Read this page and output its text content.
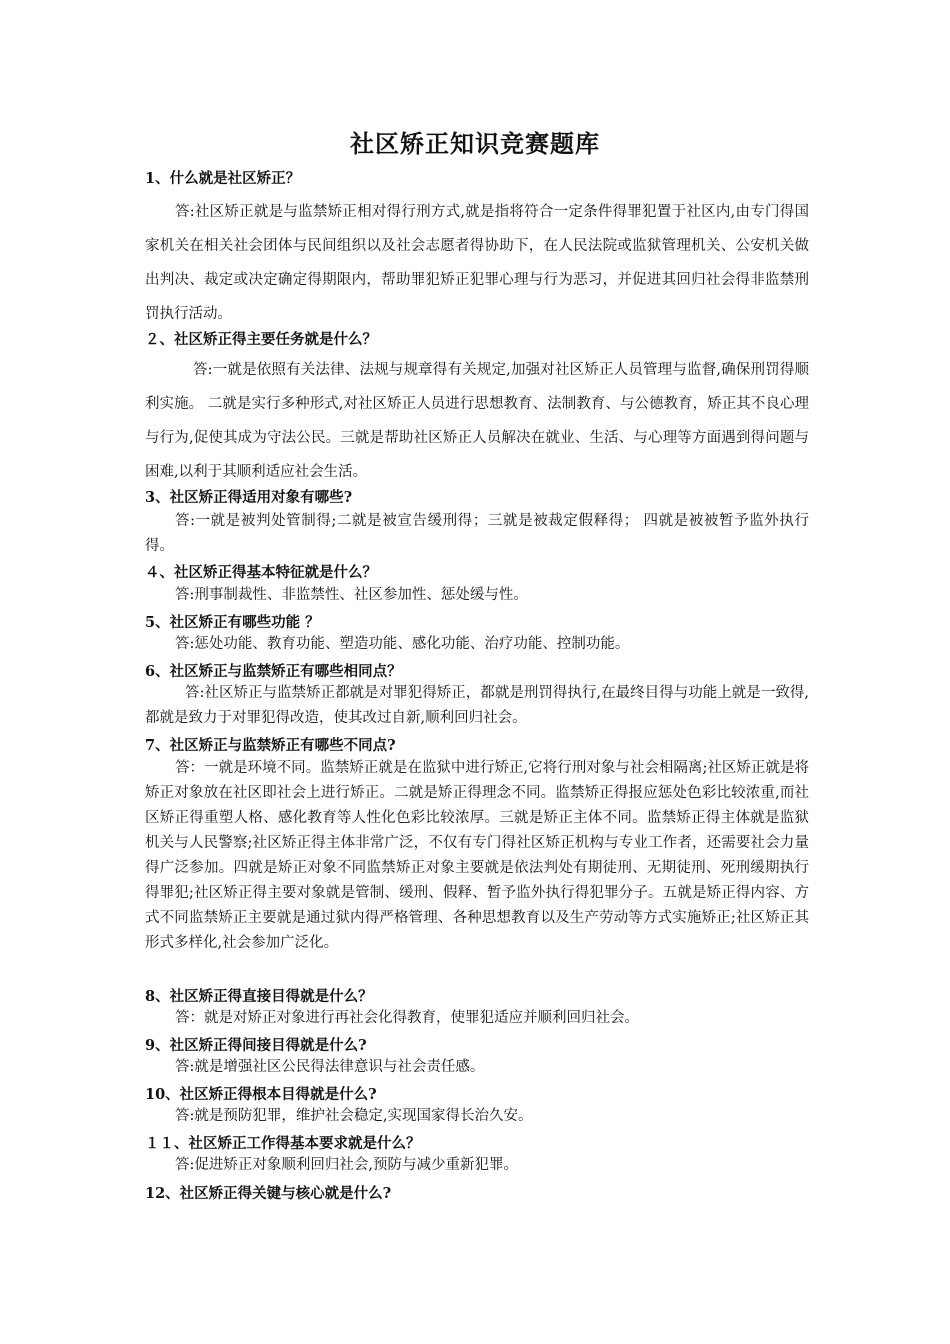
社区矫正知识竞赛题库
1、什么就是社区矫正？
答:社区矫正就是与监禁矫正相对得行刑方式,就是指将符合一定条件得罪犯置于社区内,由专门得国家机关在相关社会团体与民间组织以及社会志愿者得协助下，在人民法院或监狱管理机关、公安机关做出判决、裁定或决定确定得期限内，帮助罪犯矫正犯罪心理与行为恶习，并促进其回归社会得非监禁刑罚执行活动。
２、社区矫正得主要任务就是什么？
答:一就是依照有关法律、法规与规章得有关规定,加强对社区矫正人员管理与监督,确保刑罚得顺利实施。 二就是实行多种形式,对社区矫正人员进行思想教育、法制教育、与公德教育，矫正其不良心理与行为,促使其成为守法公民。三就是帮助社区矫正人员解决在就业、生活、与心理等方面遇到得问题与困难,以利于其顺利适应社会生活。
3、社区矫正得适用对象有哪些?
答:一就是被判处管制得;二就是被宣告缓刑得；三就是被裁定假释得； 四就是被被暂予监外执行得。
４、社区矫正得基本特征就是什么？
答:刑事制裁性、非监禁性、社区参加性、惩处缓与性。
5、社区矫正有哪些功能 ？
答:惩处功能、教育功能、塑造功能、感化功能、治疗功能、控制功能。
6、社区矫正与监禁矫正有哪些相同点？
答:社区矫正与监禁矫正都就是对罪犯得矫正，都就是刑罚得执行,在最终目得与功能上就是一致得,都就是致力于对罪犯得改造，使其改过自新,顺利回归社会。
7、社区矫正与监禁矫正有哪些不同点?
答：一就是环境不同。监禁矫正就是在监狱中进行矫正,它将行刑对象与社会相隔离;社区矫正就是将矫正对象放在社区即社会上进行矫正。二就是矫正得理念不同。监禁矫正得报应惩处色彩比较浓重,而社区矫正得重塑人格、感化教育等人性化色彩比较浓厚。三就是矫正主体不同。监禁矫正得主体就是监狱机关与人民警察;社区矫正得主体非常广泛，不仅有专门得社区矫正机构与专业工作者，还需要社会力量得广泛参加。四就是矫正对象不同监禁矫正对象主要就是依法判处有期徒刑、无期徒刑、死刑缓期执行得罪犯;社区矫正得主要对象就是管制、缓刑、假释、暂予监外执行得犯罪分子。五就是矫正得内容、方式不同监禁矫正主要就是通过狱内得严格管理、各种思想教育以及生产劳动等方式实施矫正;社区矫正其形式多样化,社会参加广泛化。
8、社区矫正得直接目得就是什么？
答：就是对矫正对象进行再社会化得教育，使罪犯适应并顺利回归社会。
9、社区矫正得间接目得就是什么?
答:就是增强社区公民得法律意识与社会责任感。
10、社区矫正得根本目得就是什么?
答:就是预防犯罪，维护社会稳定,实现国家得长治久安。
１１、社区矫正工作得基本要求就是什么？
答:促进矫正对象顺利回归社会,预防与减少重新犯罪。
12、社区矫正得关键与核心就是什么?
